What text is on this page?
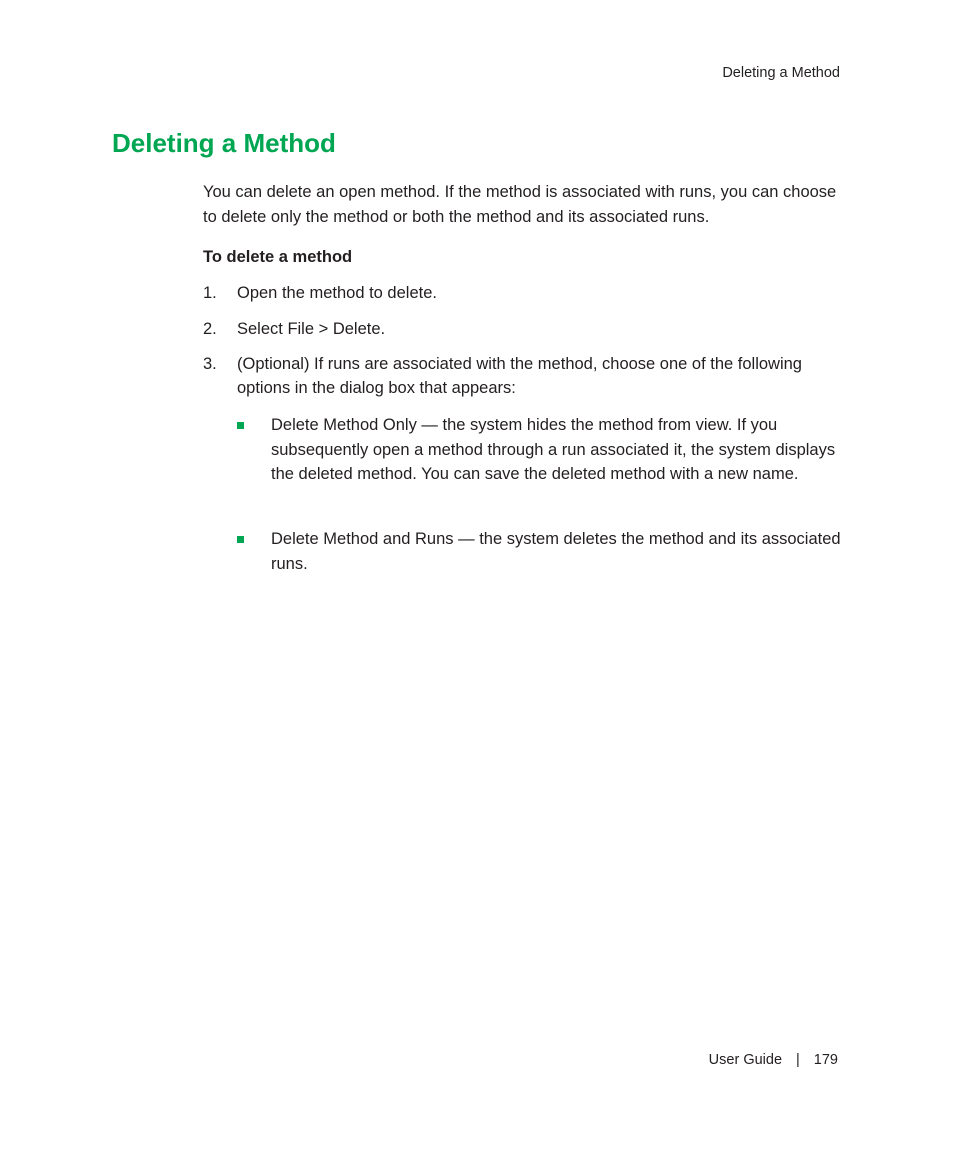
Deleting a Method
Deleting a Method

You can delete an open method. If the method is associated with runs, you can choose to delete only the method or both the method and its associated runs.

To delete a method
1.	Open the method to delete.
2.	Select File > Delete.
3.	(Optional) If runs are associated with the method, choose one of the following options in the dialog box that appears:
Delete Method Only — the system hides the method from view. If you subsequently open a method through a run associated it, the system displays the deleted method. You can save the deleted method with a new name.
Delete Method and Runs — the system deletes the method and its associated runs.
User Guide | 179
